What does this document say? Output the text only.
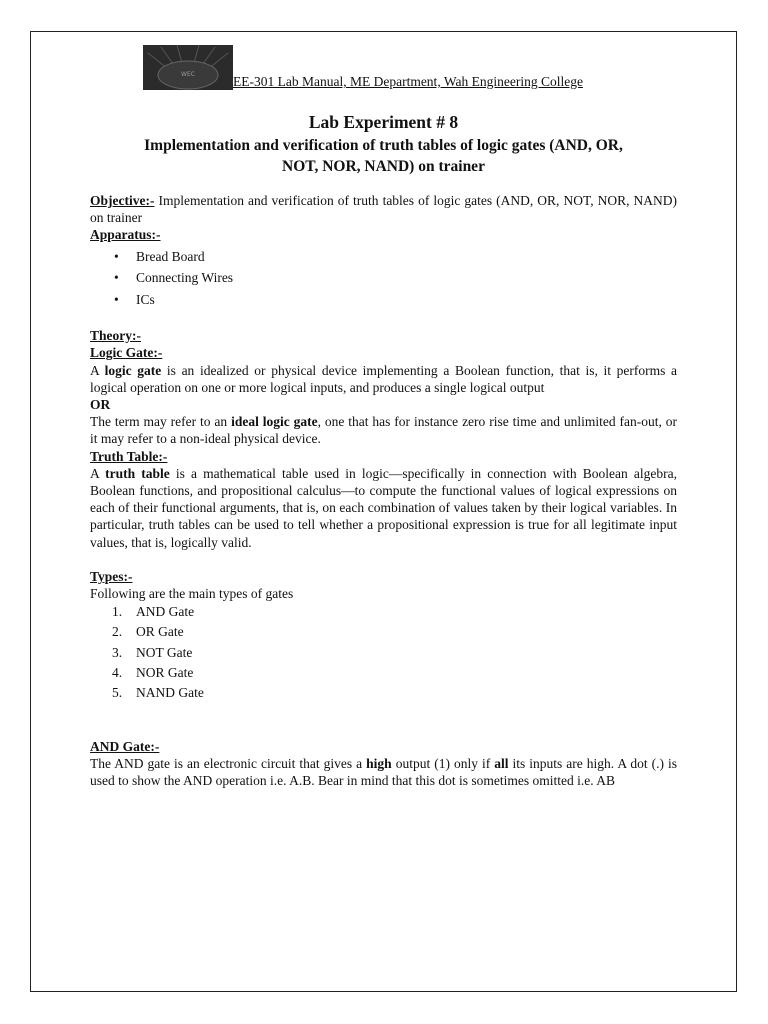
WEC	EE-301 Lab Manual, ME Department, Wah Engineering College
Lab Experiment # 8
Implementation and verification of truth tables of logic gates (AND, OR,
NOT, NOR, NAND) on trainer

Objective:- Implementation and verification of truth tables of logic gates (AND, OR, NOT, NOR, NAND) on trainer

Apparatus:-
• Bread Board
• Connecting Wires
• ICs
Theory:-
Logic Gate:-

A logic gate is an idealized or physical device implementing a Boolean function, that is, it performs a logical operation on one or more logical inputs, and produces a single logical output

OR

The term may refer to an ideal logic gate, one that has for instance zero rise time and unlimited fan-out, or it may refer to a non-ideal physical device.

Truth Table:-

A truth table is a mathematical table used in logic—specifically in connection with Boolean algebra, Boolean functions, and propositional calculus—to compute the functional values of logical expressions on each of their functional arguments, that is, on each combination of values taken by their logical variables. In particular, truth tables can be used to tell whether a propositional expression is true for all legitimate input values, that is, logically valid.

Types:-
Following are the main types of gates
1. AND Gate
2. OR Gate
3. NOT Gate
4. NOR Gate
5. NAND Gate
AND Gate:-

The AND gate is an electronic circuit that gives a high output (1) only if all its inputs are high. A dot (.) is used to show the AND operation i.e. A.B. Bear in mind that this dot is sometimes omitted i.e. AB
